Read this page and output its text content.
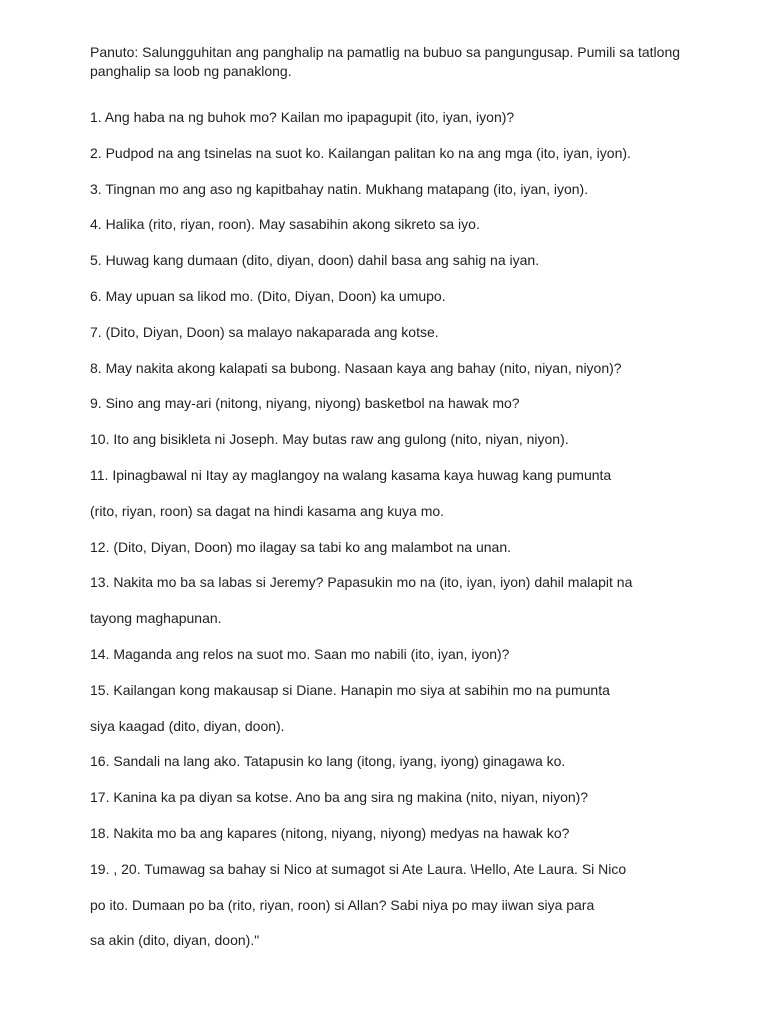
Panuto: Salungguhitan ang panghalip na pamatlig na bubuo sa pangungusap. Pumili sa tatlong panghalip sa loob ng panaklong.

1. Ang haba na ng buhok mo? Kailan mo ipapagupit (ito, iyan, iyon)?

2. Pudpod na ang tsinelas na suot ko. Kailangan palitan ko na ang mga (ito, iyan, iyon).

3. Tingnan mo ang aso ng kapitbahay natin. Mukhang matapang (ito, iyan, iyon).

4. Halika (rito, riyan, roon). May sasabihin akong sikreto sa iyo.

5. Huwag kang dumaan (dito, diyan, doon) dahil basa ang sahig na iyan.

6. May upuan sa likod mo. (Dito, Diyan, Doon) ka umupo.

7. (Dito, Diyan, Doon) sa malayo nakaparada ang kotse.

8. May nakita akong kalapati sa bubong. Nasaan kaya ang bahay (nito, niyan, niyon)?

9. Sino ang may-ari (nitong, niyang, niyong) basketbol na hawak mo?

10. Ito ang bisikleta ni Joseph. May butas raw ang gulong (nito, niyan, niyon).

11. Ipinagbawal ni Itay ay maglangoy na walang kasama kaya huwag kang pumunta

(rito, riyan, roon) sa dagat na hindi kasama ang kuya mo.

12. (Dito, Diyan, Doon) mo ilagay sa tabi ko ang malambot na unan.

13. Nakita mo ba sa labas si Jeremy? Papasukin mo na (ito, iyan, iyon) dahil malapit na

tayong maghapunan.

14. Maganda ang relos na suot mo. Saan mo nabili (ito, iyan, iyon)?

15. Kailangan kong makausap si Diane. Hanapin mo siya at sabihin mo na pumunta

siya kaagad (dito, diyan, doon).

16. Sandali na lang ako. Tatapusin ko lang (itong, iyang, iyong) ginagawa ko.

17. Kanina ka pa diyan sa kotse. Ano ba ang sira ng makina (nito, niyan, niyon)?

18. Nakita mo ba ang kapares (nitong, niyang, niyong) medyas na hawak ko?

19. , 20. Tumawag sa bahay si Nico at sumagot si Ate Laura. \Hello, Ate Laura. Si Nico

po ito. Dumaan po ba (rito, riyan, roon) si Allan? Sabi niya po may iiwan siya para

sa akin (dito, diyan, doon)."
